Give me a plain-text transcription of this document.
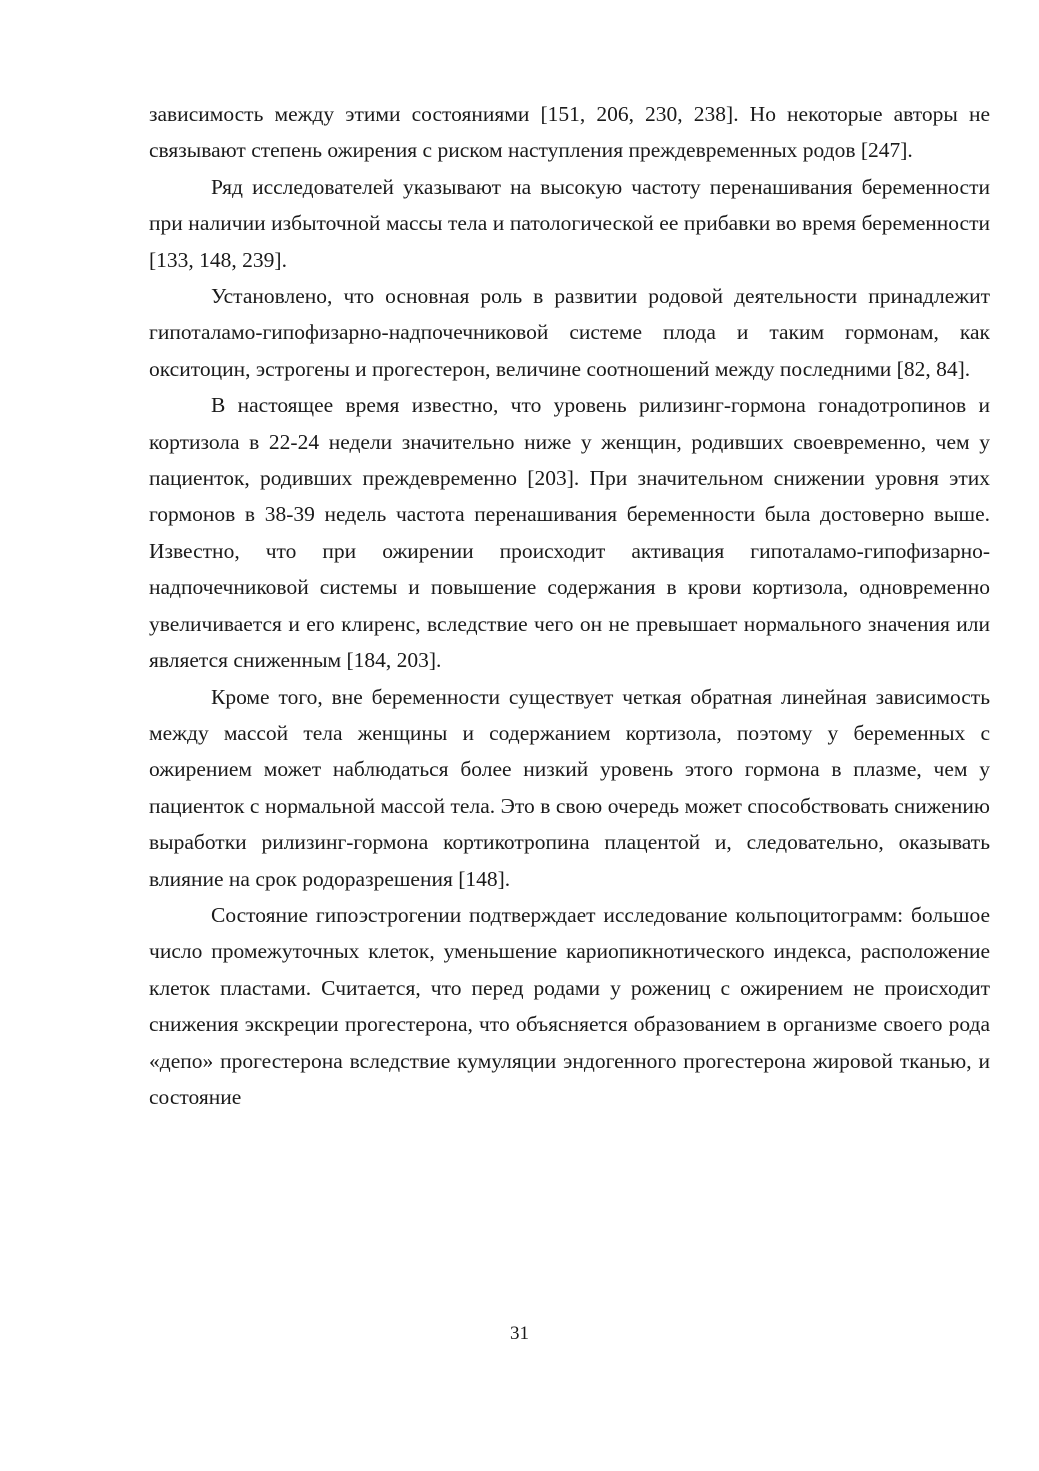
зависимость между этими состояниями [151, 206, 230, 238]. Но некоторые авторы не связывают степень ожирения с риском наступления преждевременных родов [247].

Ряд исследователей указывают на высокую частоту перенашивания беременности при наличии избыточной массы тела и патологической ее прибавки во время беременности [133, 148, 239].

Установлено, что основная роль в развитии родовой деятельности принадлежит гипоталамо-гипофизарно-надпочечниковой системе плода и таким гормонам, как окситоцин, эстрогены и прогестерон, величине соотношений между последними [82, 84].

В настоящее время известно, что уровень рилизинг-гормона гонадотропинов и кортизола в 22-24 недели значительно ниже у женщин, родивших своевременно, чем у пациенток, родивших преждевременно [203]. При значительном снижении уровня этих гормонов в 38-39 недель частота перенашивания беременности была достоверно выше. Известно, что при ожирении происходит активация гипоталамо-гипофизарно-надпочечниковой системы и повышение содержания в крови кортизола, одновременно увеличивается и его клиренс, вследствие чего он не превышает нормального значения или является сниженным [184, 203].

Кроме того, вне беременности существует четкая обратная линейная зависимость между массой тела женщины и содержанием кортизола, поэтому у беременных с ожирением может наблюдаться более низкий уровень этого гормона в плазме, чем у пациенток с нормальной массой тела. Это в свою очередь может способствовать снижению выработки рилизинг-гормона кортикотропина плацентой и, следовательно, оказывать влияние на срок родоразрешения [148].

Состояние гипоэстрогении подтверждает исследование кольпоцитограмм: большое число промежуточных клеток, уменьшение кариопикнотического индекса, расположение клеток пластами. Считается, что перед родами у рожениц с ожирением не происходит снижения экскреции прогестерона, что объясняется образованием в организме своего рода «депо» прогестерона вследствие кумуляции эндогенного прогестерона жировой тканью, и состояние

31
